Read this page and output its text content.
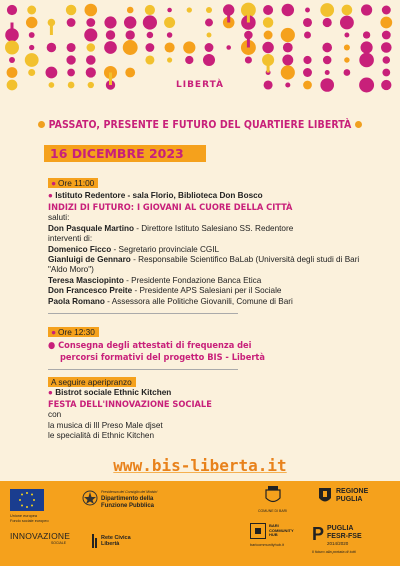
LIBERTÀ
PASSATO, PRESENTE E FUTURO DEL QUARTIERE LIBERTÀ
16 DICEMBRE 2023
● Ore 11:00
● Istituto Redentore - sala Florio, Biblioteca Don Bosco
INDIZI DI FUTURO: I GIOVANI AL CUORE DELLA CITTÀ
saluti:
Don Pasquale Martino - Direttore Istituto Salesiano SS. Redentore
interventi di:
Domenico Ficco - Segretario provinciale CGIL
Gianluigi de Gennaro - Responsabile Scientifico BaLab (Università degli studi di Bari "Aldo Moro")
Teresa Masciopinto - Presidente Fondazione Banca Etica
Don Francesco Preite - Presidente APS Salesiani per il Sociale
Paola Romano - Assessora alle Politiche Giovanili, Comune di Bari
● Ore 12:30
● Consegna degli attestati di frequenza dei
percorsi formativi del progetto BIS - Libertà
A seguire aperipranzo
● Bistrot sociale Ethnic Kitchen
FESTA DELL'INNOVAZIONE SOCIALE
con
la musica di Ill Preso Male djset
le specialità di Ethnic Kitchen
www.bis-liberta.it
Unione europea
Fondo sociale europeo
Presidenza del Consiglio dei Ministri
Dipartimento della
Funzione Pubblica
COMUNE DI BARI
REGIONE
PUGLIA
INNOVAZIONE
SOCIALE
Rete Civica
Libertà
BARI COMMUNITY HUB
baricommunityhub.it
P PUGLIA
FESR-FSE
2014/2020
Il futuro alla portata di tutti
